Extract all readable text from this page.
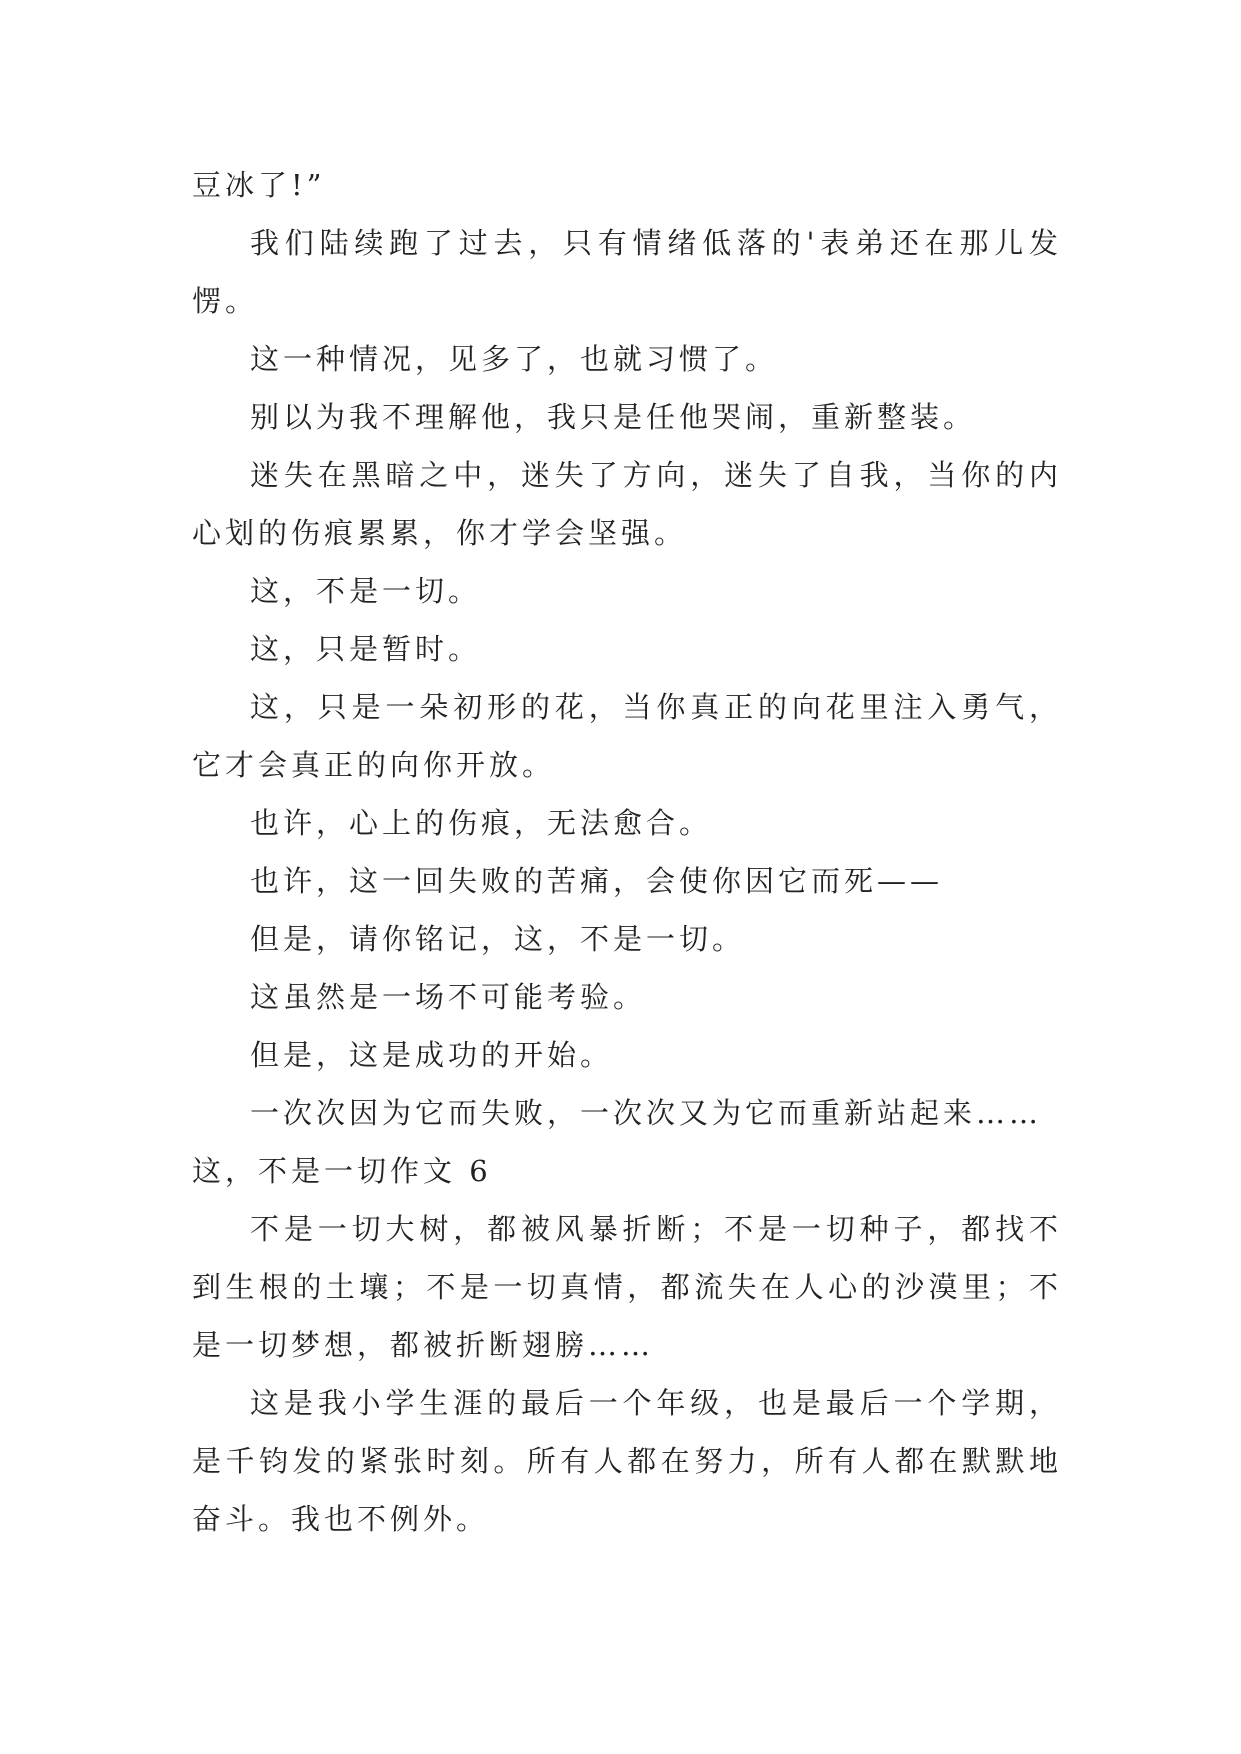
豆冰了!”

我们陆续跑了过去，只有情绪低落的'表弟还在那儿发愣。

这一种情况，见多了，也就习惯了。

别以为我不理解他，我只是任他哭闹，重新整装。

迷失在黑暗之中，迷失了方向，迷失了自我，当你的内心划的伤痕累累，你才学会坚强。

这，不是一切。

这，只是暂时。

这，只是一朵初形的花，当你真正的向花里注入勇气，它才会真正的向你开放。

也许，心上的伤痕，无法愈合。

也许，这一回失败的苦痛，会使你因它而死——

但是，请你铭记，这，不是一切。

这虽然是一场不可能考验。

但是，这是成功的开始。

一次次因为它而失败，一次次又为它而重新站起来……

这，不是一切作文 6

不是一切大树，都被风暴折断；不是一切种子，都找不到生根的土壤；不是一切真情，都流失在人心的沙漠里；不是一切梦想，都被折断翅膀……

这是我小学生涯的最后一个年级，也是最后一个学期，是千钧发的紧张时刻。所有人都在努力，所有人都在默默地奋斗。我也不例外。
